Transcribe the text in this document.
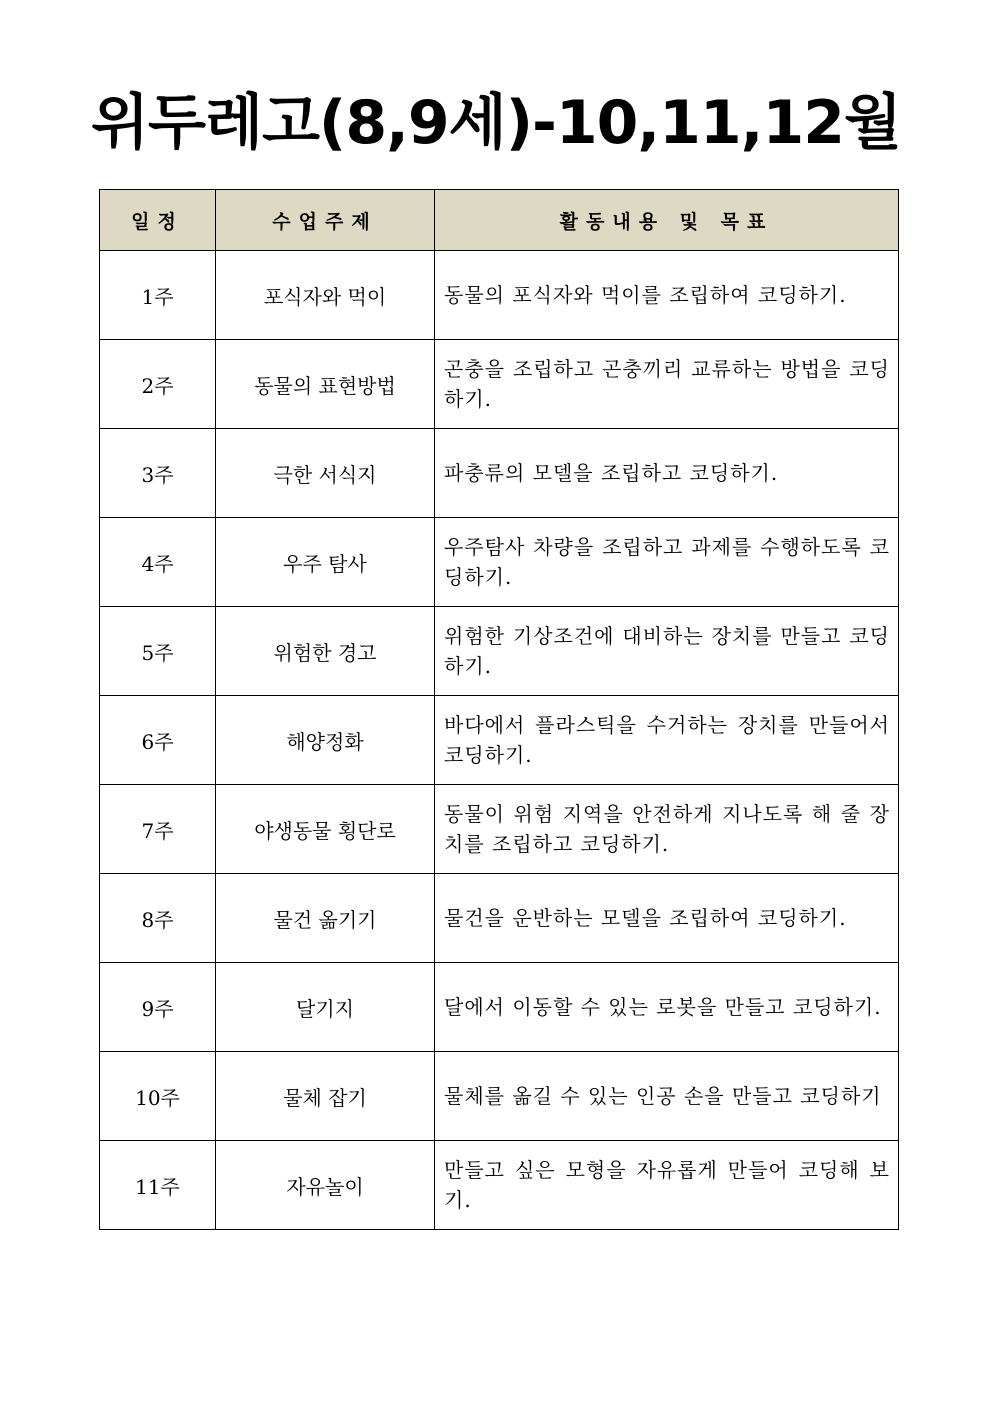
위두레고(8,9세)-10,11,12월
일정	수업주제	활동내용 및 목표
1주	포식자와 먹이	동물의 포식자와 먹이를 조립하여 코딩하기.
2주	동물의 표현방법	곤충을 조립하고 곤충끼리 교류하는 방법을 코딩하기.
3주	극한 서식지	파충류의 모델을 조립하고 코딩하기.
4주	우주 탐사	우주탐사 차량을 조립하고 과제를 수행하도록 코딩하기.
5주	위험한 경고	위험한 기상조건에 대비하는 장치를 만들고 코딩하기.
6주	해양정화	바다에서 플라스틱을 수거하는 장치를 만들어서 코딩하기.
7주	야생동물 횡단로	동물이 위험 지역을 안전하게 지나도록 해 줄 장치를 조립하고 코딩하기.
8주	물건 옮기기	물건을 운반하는 모델을 조립하여 코딩하기.
9주	달기지	달에서 이동할 수 있는 로봇을 만들고 코딩하기.
10주	물체 잡기	물체를 옮길 수 있는 인공 손을 만들고 코딩하기
11주	자유놀이	만들고 싶은 모형을 자유롭게 만들어 코딩해 보기.
